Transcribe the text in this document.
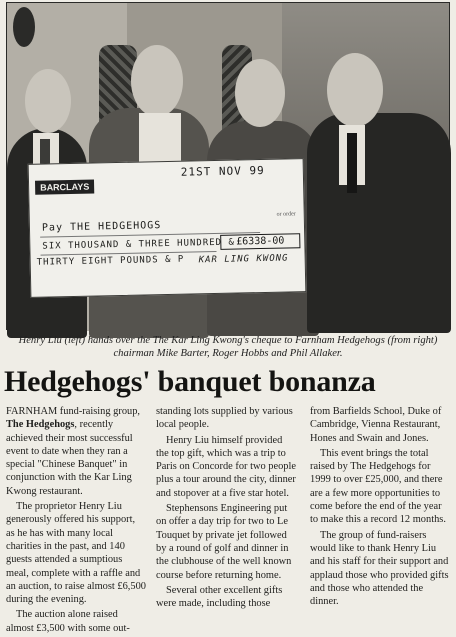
BARCLAYS
21ST NOV 99
or order
Pay THE HEDGEHOGS
SIX THOUSAND & THREE HUNDRED & £6338-00
THIRTY EIGHT POUNDS & P KAR LING KWONG
Henry Liu (left) hands over the The Kar Ling Kwong's cheque to Farnham Hedgehogs (from right) chairman Mike Barter, Roger Hobbs and Phil Allaker.
Hedgehogs' banquet bonanza

FARNHAM fund-raising group, The Hedgehogs, recently achieved their most successful event to date when they ran a special "Chinese Banquet" in conjunction with the Kar Ling Kwong restaurant.

The proprietor Henry Liu generously offered his support, as he has with many local charities in the past, and 140 guests attended a sumptious meal, complete with a raffle and an auction, to raise almost £6,500 during the evening.

The auction alone raised almost £3,500 with some out-

standing lots supplied by various local people.

Henry Liu himself provided the top gift, which was a trip to Paris on Concorde for two people plus a tour around the city, dinner and stopover at a five star hotel.

Stephensons Engineering put on offer a day trip for two to Le Touquet by private jet followed by a round of golf and dinner in the clubhouse of the well known course before returning home.

Several other excellent gifts were made, including those

from Barfields School, Duke of Cambridge, Vienna Restaurant, Hones and Swain and Jones.

This event brings the total raised by The Hedgehogs for 1999 to over £25,000, and there are a few more opportunities to come before the end of the year to make this a record 12 months.

The group of fund-raisers would like to thank Henry Liu and his staff for their support and applaud those who provided gifts and those who attended the dinner.
